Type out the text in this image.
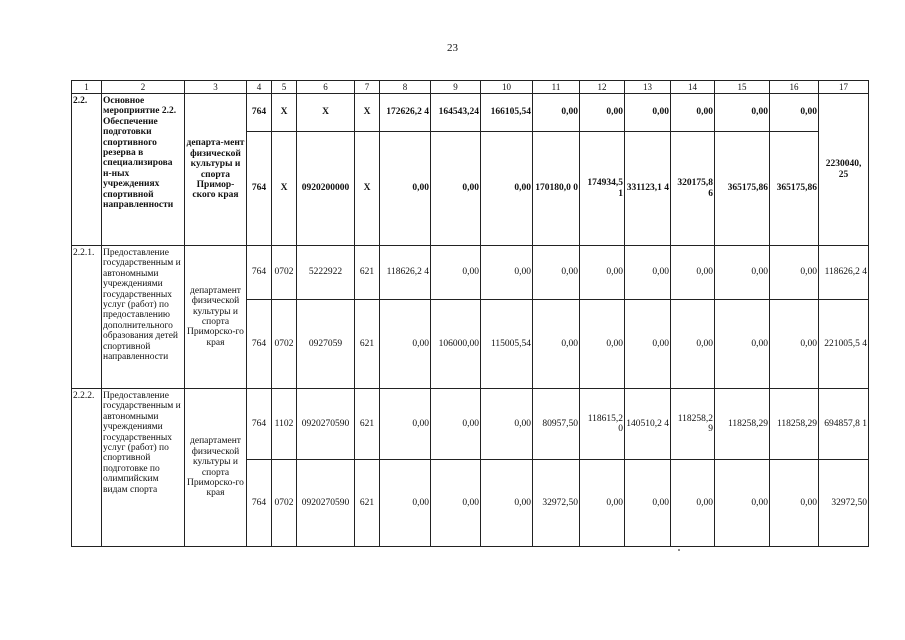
23
1	2	3	4	5	6	7	8	9	10	11	12	13	14	15	16	17
2.2.	Основное мероприятие 2.2. Обеспечение подготовки спортивного резерва в специализирова н-ных учреждениях спортивной направленности	департа-мент физической культуры и спорта Примор-ского края	764	X	X	X	172626,2 4	164543,24	166105,54	0,00	0,00	0,00	0,00	0,00	0,00	2230040, 25
			764	X	0920200000	X	0,00	0,00	0,00	170180,0 0	174934,5 1	331123,1 4	320175,8 6	365175,86	365175,86	
2.2.1.	Предоставление государственным и автономными учреждениями государственных услуг (работ) по предоставлению дополнительного образования детей спортивной направленности	департамент физической культуры и спорта Приморско-го края	764	0702	5222922	621	118626,2 4	0,00	0,00	0,00	0,00	0,00	0,00	0,00	0,00	118626,2 4
			764	0702	0927059	621	0,00	106000,00	115005,54	0,00	0,00	0,00	0,00	0,00	0,00	221005,5 4
2.2.2.	Предоставление государственным и автономными учреждениями государственных услуг (работ) по спортивной подготовке по олимпийским видам спорта	департамент физической культуры и спорта Приморско-го края	764	1102	0920270590	621	0,00	0,00	0,00	80957,50	118615,2 0	140510,2 4	118258,2 9	118258,29	118258,29	694857,8 1
			764	0702	0920270590	621	0,00	0,00	0,00	32972,50	0,00	0,00	0,00	0,00	0,00	32972,50
